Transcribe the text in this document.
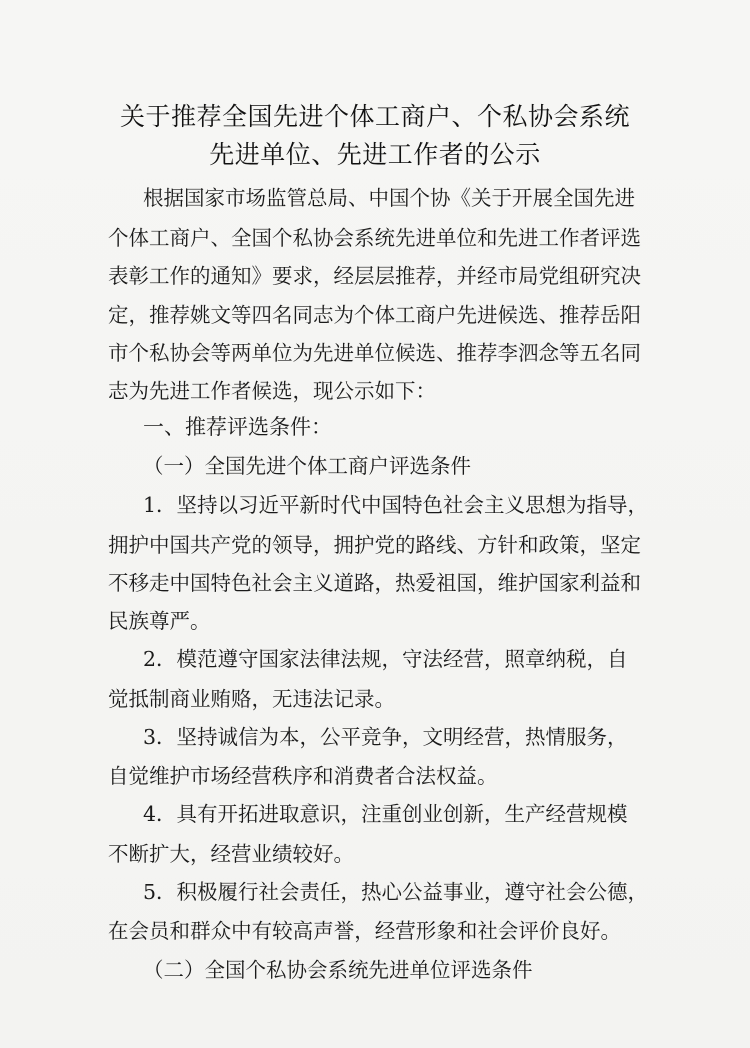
关于推荐全国先进个体工商户、个私协会系统
先进单位、先进工作者的公示

根据国家市场监管总局、中国个协《关于开展全国先进

个体工商户、全国个私协会系统先进单位和先进工作者评选

表彰工作的通知》要求，经层层推荐，并经市局党组研究决

定，推荐姚文等四名同志为个体工商户先进候选、推荐岳阳

市个私协会等两单位为先进单位候选、推荐李泗念等五名同

志为先进工作者候选，现公示如下：

一、推荐评选条件：

（一）全国先进个体工商户评选条件

1．坚持以习近平新时代中国特色社会主义思想为指导，

拥护中国共产党的领导，拥护党的路线、方针和政策，坚定

不移走中国特色社会主义道路，热爱祖国，维护国家利益和

民族尊严。

2．模范遵守国家法律法规，守法经营，照章纳税，自

觉抵制商业贿赂，无违法记录。

3．坚持诚信为本，公平竞争，文明经营，热情服务，

自觉维护市场经营秩序和消费者合法权益。

4．具有开拓进取意识，注重创业创新，生产经营规模

不断扩大，经营业绩较好。

5．积极履行社会责任，热心公益事业，遵守社会公德，

在会员和群众中有较高声誉，经营形象和社会评价良好。

（二）全国个私协会系统先进单位评选条件
